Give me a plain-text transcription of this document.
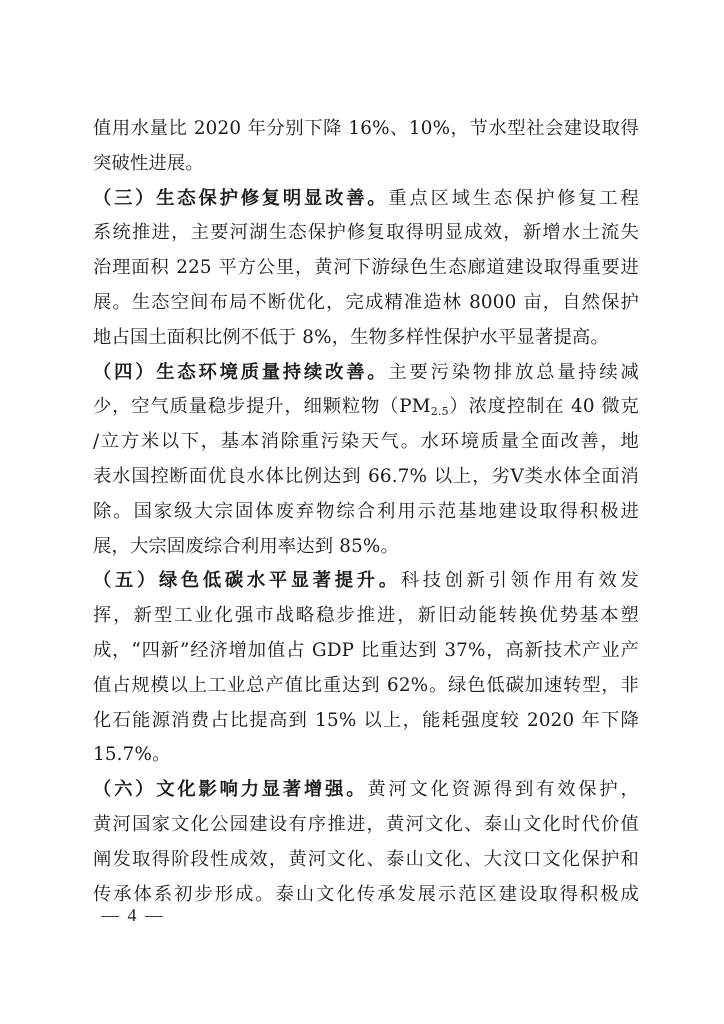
值用水量比 2020 年分别下降 16%、10%，节水型社会建设取得
突破性进展。
（三）生态保护修复明显改善。重点区域生态保护修复工程
系统推进，主要河湖生态保护修复取得明显成效，新增水土流失
治理面积 225 平方公里，黄河下游绿色生态廊道建设取得重要进
展。生态空间布局不断优化，完成精准造林 8000 亩，自然保护
地占国土面积比例不低于 8%，生物多样性保护水平显著提高。
（四）生态环境质量持续改善。主要污染物排放总量持续减
少，空气质量稳步提升，细颗粒物$(PM_{2.5})$浓度控制在 40 微克
/立方米以下，基本消除重污染天气。水环境质量全面改善，地
表水国控断面优良水体比例达到 66.7% 以上，劣Ⅴ类水体全面消
除。国家级大宗固体废弃物综合利用示范基地建设取得积极进
展，大宗固废综合利用率达到 85%。
（五）绿色低碳水平显著提升。科技创新引领作用有效发
挥，新型工业化强市战略稳步推进，新旧动能转换优势基本塑
成，“四新”经济增加值占 GDP 比重达到 37%，高新技术产业产
值占规模以上工业总产值比重达到 62%。绿色低碳加速转型，非
化石能源消费占比提高到 15% 以上，能耗强度较 2020 年下降
15.7%。
（六）文化影响力显著增强。黄河文化资源得到有效保护，
黄河国家文化公园建设有序推进，黄河文化、泰山文化时代价值
阐发取得阶段性成效，黄河文化、泰山文化、大汶口文化保护和
传承体系初步形成。泰山文化传承发展示范区建设取得积极成
— 4 —
